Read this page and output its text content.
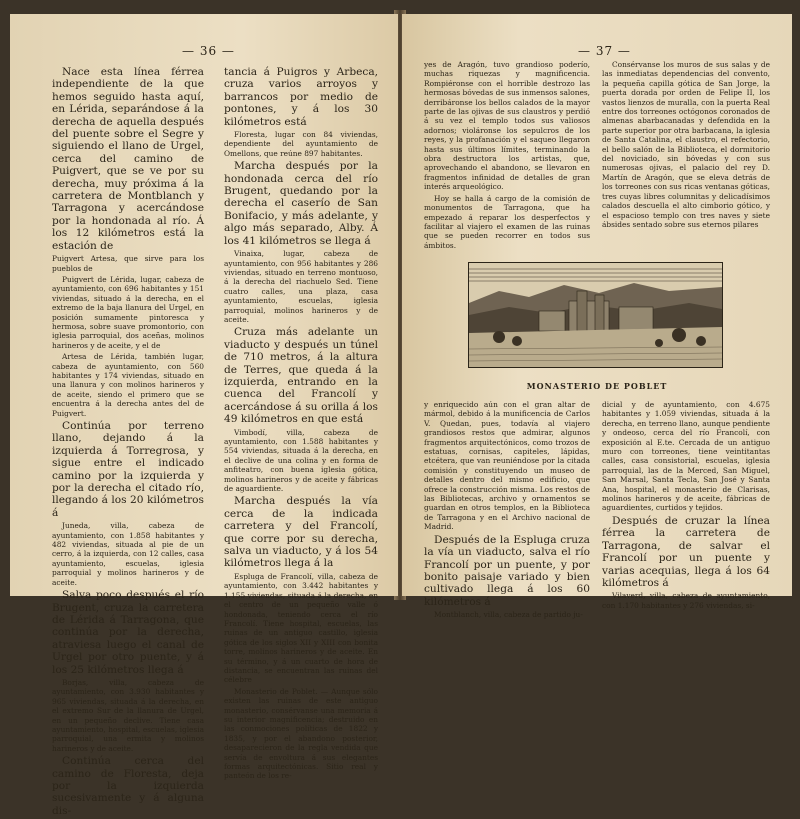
— 36 —

Nace esta línea férrea independiente de la que hemos seguido hasta aquí, en Lérida, separándose á la derecha de aquella después del puente sobre el Segre y siguiendo el llano de Urgel, cerca del camino de Puigvert, que se ve por su derecha, muy próxima á la carretera de Montblanch y Tarragona y acercándose por la hondonada al río. Á los 12 kilómetros está la estación de

Puigvert Artesa, que sirve para los pueblos de

Puigvert de Lérida, lugar, cabeza de ayuntamiento, con 696 habitantes y 151 viviendas, situado á la derecha, en el extremo de la baja llanura del Urgel, en posición sumamente pintoresca y hermosa, sobre suave promontorio, con iglesia parroquial, dos aceñas, molinos harineros y de aceite, y el de

Artesa de Lérida, también lugar, cabeza de ayuntamiento, con 560 habitantes y 174 viviendas, situado en una llanura y con molinos harineros y de aceite, siendo el primero que se encuentra á la derecha antes del de Puigvert.

Continúa por terreno llano, dejando á la izquierda á Torregrosa, y sigue entre el indicado camino por la izquierda y por la derecha el citado río, llegando á los 20 kilómetros á

Juneda, villa, cabeza de ayuntamiento, con 1.858 habitantes y 482 viviendas, situada al pie de un cerro, á la izquierda, con 12 calles, casa ayuntamiento, escuelas, iglesia parroquial y molinos harineros y de aceite.

Salva poco después el río Brugent, cruza la carretera de Lérida á Tarragona, que continúa por la derecha, atraviesa luego el canal de Urgel por otro puente, y á los 25 kilómetros llega á

Borjas, villa, cabeza de ayuntamiento, con 3.930 habitantes y 965 viviendas, situada á la derecha, en el extremo Sur de la llanura de Urgel, en un pequeño declive. Tiene casa ayuntamiento, hospital, escuelas, iglesia parroquial, una ermita y molinos harineros y de aceite.

Continúa cerca del camino de Floresta, deja por la izquierda sucesivamente y á alguna dis-

tancia á Puigros y Arbeca, cruza varios arroyos y barrancos por medio de pontones, y á los 30 kilómetros está

Floresta, lugar con 84 viviendas, dependiente del ayuntamiento de Omellons, que reúne 897 habitantes.

Marcha después por la hondonada cerca del río Brugent, quedando por la derecha el caserío de San Bonifacio, y más adelante, y algo más separado, Alby. Á los 41 kilómetros se llega á

Vinaixa, lugar, cabeza de ayuntamiento, con 956 habitantes y 286 viviendas, situado en terreno montuoso, á la derecha del riachuelo Sed. Tiene cuatro calles, una plaza, casa ayuntamiento, escuelas, iglesia parroquial, molinos harineros y de aceite.

Cruza más adelante un viaducto y después un túnel de 710 metros, á la altura de Terres, que queda á la izquierda, entrando en la cuenca del Francolí y acercándose á su orilla á los 49 kilómetros en que está

Vimbodí, villa, cabeza de ayuntamiento, con 1.588 habitantes y 554 viviendas, situada á la derecha, en el declive de una colina y en forma de anfiteatro, con buena iglesia gótica, molinos harineros y de aceite y fábricas de aguardiente.

Marcha después la vía cerca de la indicada carretera y del Francolí, que corre por su derecha, salva un viaducto, y á los 54 kilómetros llega á la

Espluga de Francolí, villa, cabeza de ayuntamiento, con 3.442 habitantes y 1.155 viviendas, situada á la derecha, en el centro de un pequeño valle ó hondonada, teniendo cerca el río Francolí. Tiene hospital, escuelas, las ruinas de un antiguo castillo, iglesia gótica de los siglos XII y XIII con bonita torre, molinos harineros y de aceite. En su término, y á un cuarto de hora de distancia, se encuentran las ruinas del célebre

Monasterio de Poblet. — Aunque sólo existen las ruinas de este antiguo monasterio, consérvanse una memoria á su interior magnificencia; destruido en las conmociones políticas de 1822 y 1835, y por el abandono posterior, desaparecieron de la regla vendida que servía de envoltura á sus elegantes formas arquitectónicas. Sitio real y panteón de los re-

— 37 —

yes de Aragón, tuvo grandioso poderío, muchas riquezas y magnificencia. Rompiéronse con el horrible destrozo las hermosas bóvedas de sus inmensos salones, derribáronse los bellos calados de la mayor parte de las ojivas de sus claustros y perdió á su vez el templo todos sus valiosos adornos; violáronse los sepulcros de los reyes, y la profanación y el saqueo llegaron hasta sus últimos límites, terminando la obra destructora los artistas, que, aprovechando el abandono, se llevaron en fragmentos infinidad de detalles de gran interés arqueológico.

Hoy se halla á cargo de la comisión de monumentos de Tarragona, que ha empezado á reparar los desperfectos y facilitar al viajero el examen de las ruinas que se pueden recorrer en todos sus ámbitos.

Consérvanse los muros de sus salas y de las inmediatas dependencias del convento, la pequeña capilla gótica de San Jorge, la puerta dorada por orden de Felipe II, los vastos lienzos de muralla, con la puerta Real entre dos torreones octógonos coronados de almenas abarbacanadas y defendida en la parte superior por otra barbacana, la iglesia de Santa Catalina, el claustro, el refectorio, el bello salón de la Biblioteca, el dormitorio del noviciado, sin bóvedas y con sus numerosas ojivas, el palacio del rey D. Martín de Aragón, que se eleva detrás de los torreones con sus ricas ventanas góticas, tres cuyas libres columnitas y delicadísimos calados descuella el alto cimborio gótico, y el espacioso templo con tres naves y siete ábsides sentado sobre sus eternos pilares

MONASTERIO DE POBLET

y enriquecido aún con el gran altar de mármol, debido á la munificencia de Carlos V. Quedan, pues, todavía al viajero grandiosos restos que admirar, algunos fragmentos arquitectónicos, como trozos de estatuas, cornisas, capiteles, lápidas, etcétera, que van reuniéndose por la citada comisión y constituyendo un museo de detalles dentro del mismo edificio, que ofrece la construcción misma. Los restos de las Bibliotecas, archivo y ornamentos se guardan en otros templos, en la Biblioteca de Tarragona y en el Archivo nacional de Madrid.

Después de la Espluga cruza la vía un viaducto, salva el río Francolí por un puente, y por bonito paisaje variado y bien cultivado llega á los 60 kilómetros á

Montblanch, villa, cabeza de partido ju-

dicial y de ayuntamiento, con 4.675 habitantes y 1.059 viviendas, situada á la derecha, en terreno llano, aunque pendiente y ondeoso, cerca del río Francolí, con exposición al E.te. Cercada de un antiguo muro con torreones, tiene veintitantas calles, casa consistorial, escuelas, iglesia parroquial, las de la Merced, San Miguel, San Marsal, Santa Tecla, San José y Santa Ana, hospital, el monasterio de Clarisas, molinos harineros y de aceite, fábricas de aguardientes, curtidos y tejidos.

Después de cruzar la línea férrea la carretera de Tarragona, de salvar el Francolí por un puente y varias acequias, llega á los 64 kilómetros á

Vilaverd, villa, cabeza de ayuntamiento, con 1.170 habitantes y 276 viviendas, si-
